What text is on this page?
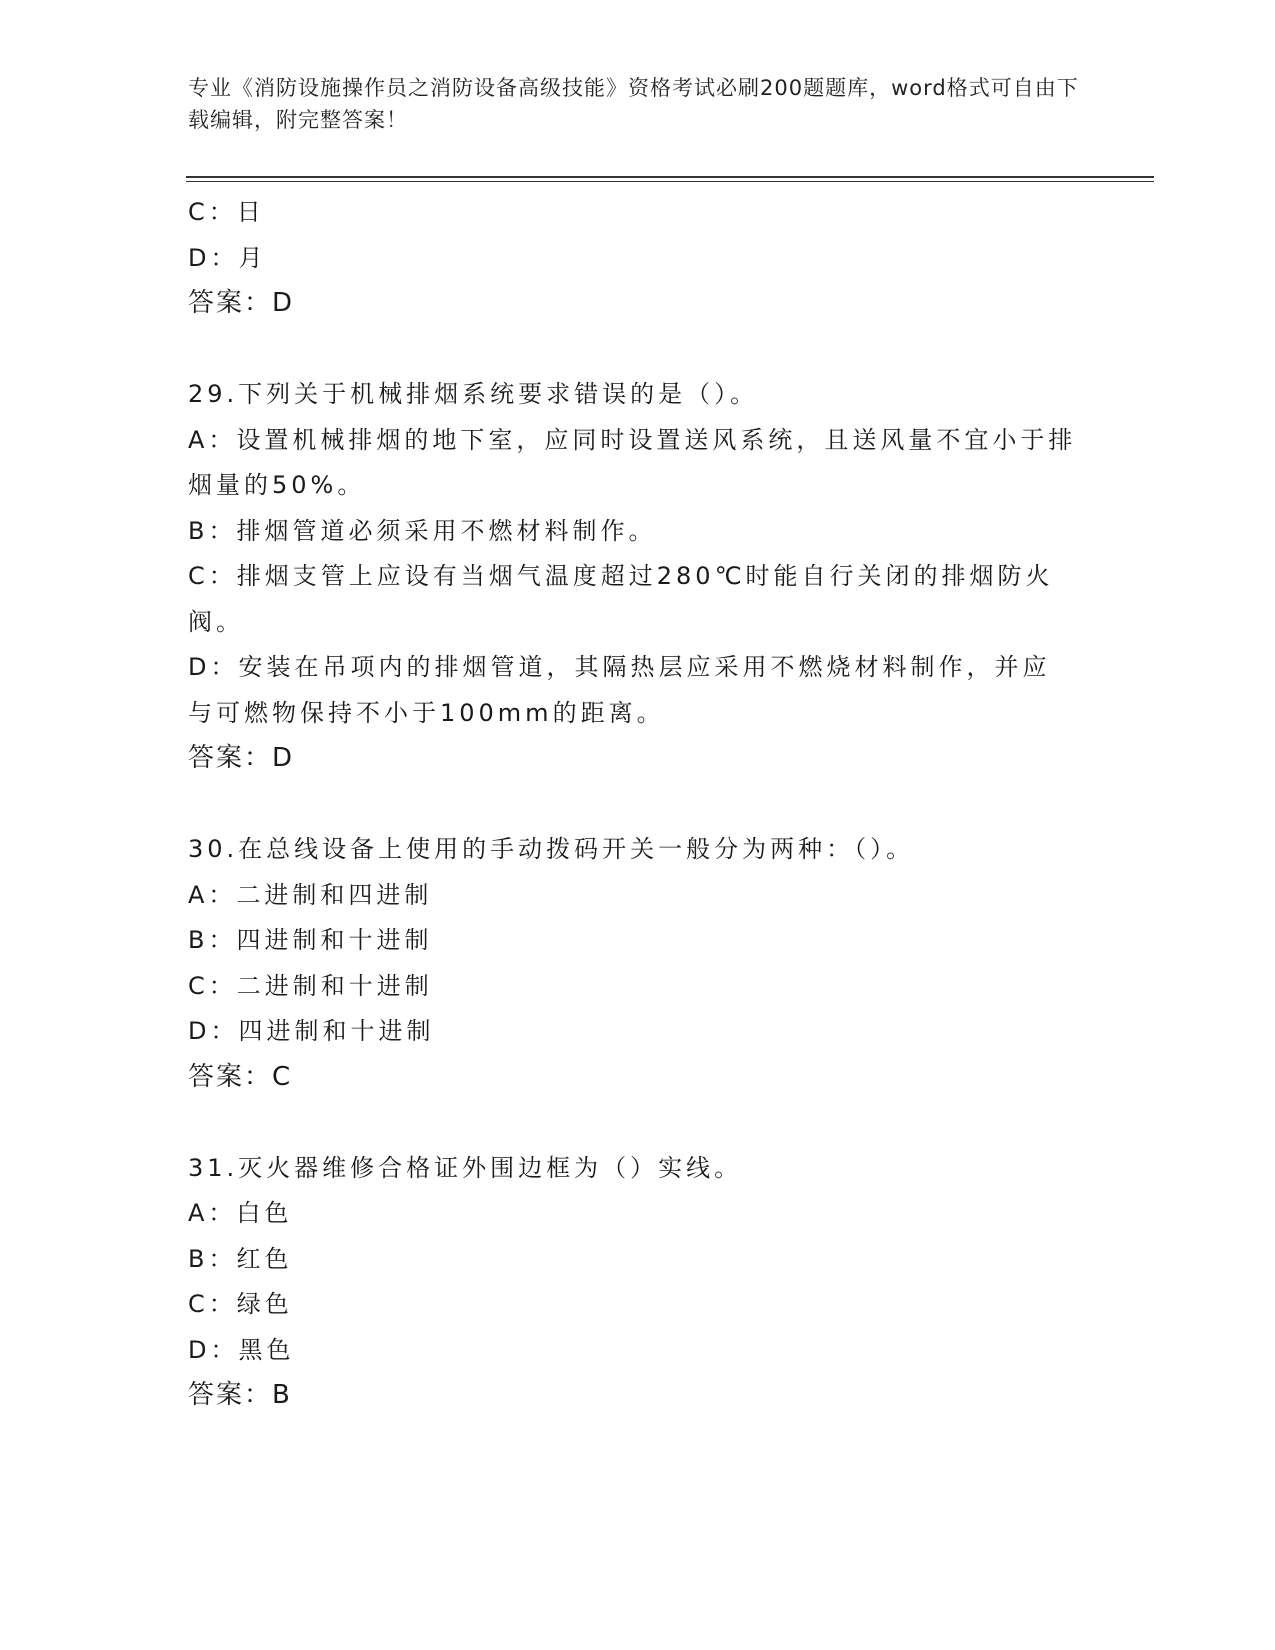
专业《消防设施操作员之消防设备高级技能》资格考试必刷200题题库，word格式可自由下载编辑，附完整答案！
C：日
D：月
答案：D
29.下列关于机械排烟系统要求错误的是（）。
A：设置机械排烟的地下室，应同时设置送风系统，且送风量不宜小于排烟量的50%。
B：排烟管道必须采用不燃材料制作。
C：排烟支管上应设有当烟气温度超过280℃时能自行关闭的排烟防火阀。
D：安装在吊项内的排烟管道，其隔热层应采用不燃烧材料制作，并应与可燃物保持不小于100mm的距离。
答案：D
30.在总线设备上使用的手动拨码开关一般分为两种：（）。
A：二进制和四进制
B：四进制和十进制
C：二进制和十进制
D：四进制和十进制
答案：C
31.灭火器维修合格证外围边框为（）实线。
A：白色
B：红色
C：绿色
D：黑色
答案：B
